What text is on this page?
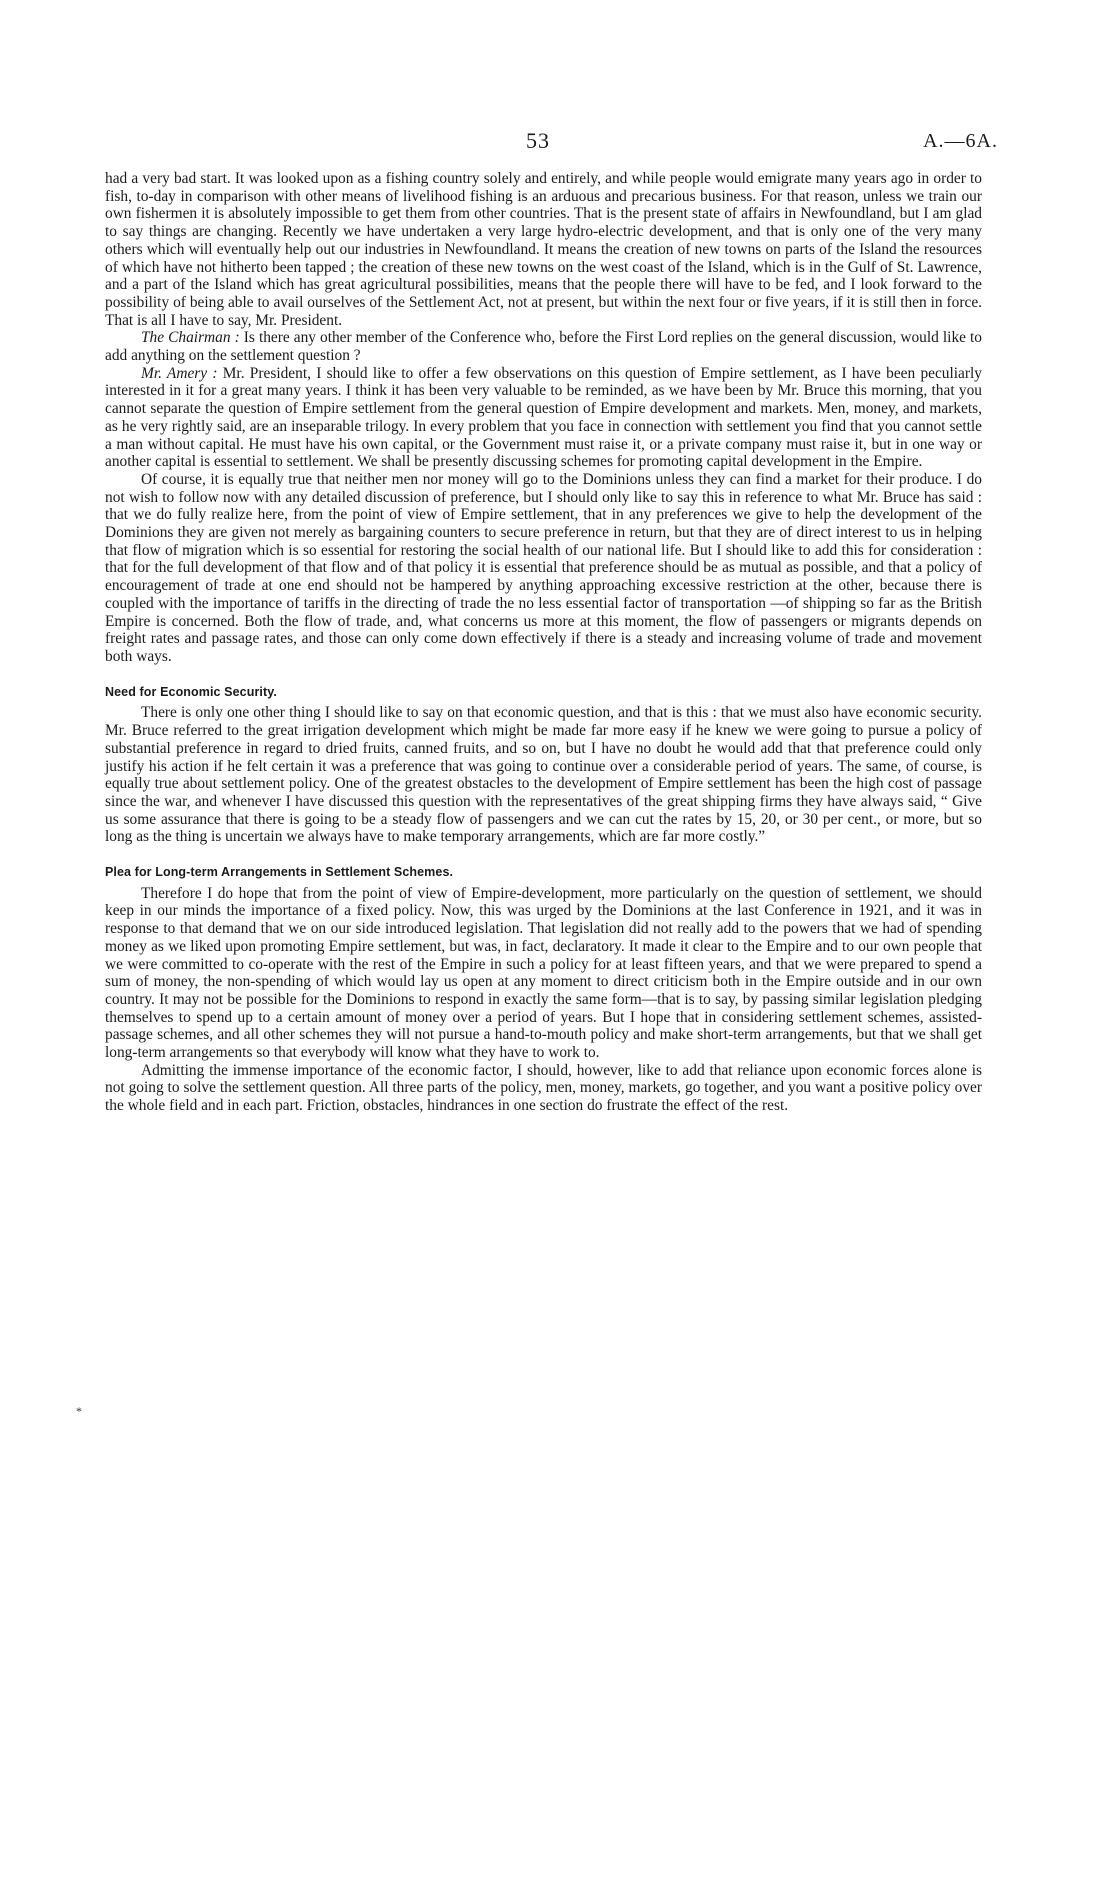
53	A.—6A.
*

had a very bad start. It was looked upon as a fishing country solely and entirely, and while people would emigrate many years ago in order to fish, to-day in comparison with other means of livelihood fishing is an arduous and precarious business. For that reason, unless we train our own fishermen it is absolutely impossible to get them from other countries. That is the present state of affairs in Newfoundland, but I am glad to say things are changing. Recently we have undertaken a very large hydro-electric development, and that is only one of the very many others which will eventually help out our industries in Newfoundland. It means the creation of new towns on parts of the Island the resources of which have not hitherto been tapped ; the creation of these new towns on the west coast of the Island, which is in the Gulf of St. Lawrence, and a part of the Island which has great agricultural possibilities, means that the people there will have to be fed, and I look forward to the possibility of being able to avail ourselves of the Settlement Act, not at present, but within the next four or five years, if it is still then in force. That is all I have to say, Mr. President.

The Chairman : Is there any other member of the Conference who, before the First Lord replies on the general discussion, would like to add anything on the settlement question ?

Mr. Amery : Mr. President, I should like to offer a few observations on this question of Empire settlement, as I have been peculiarly interested in it for a great many years. I think it has been very valuable to be reminded, as we have been by Mr. Bruce this morning, that you cannot separate the question of Empire settlement from the general question of Empire development and markets. Men, money, and markets, as he very rightly said, are an inseparable trilogy. In every problem that you face in connection with settlement you find that you cannot settle a man without capital. He must have his own capital, or the Government must raise it, or a private company must raise it, but in one way or another capital is essential to settlement. We shall be presently discussing schemes for promoting capital development in the Empire.

Of course, it is equally true that neither men nor money will go to the Dominions unless they can find a market for their produce. I do not wish to follow now with any detailed discussion of preference, but I should only like to say this in reference to what Mr. Bruce has said : that we do fully realize here, from the point of view of Empire settlement, that in any preferences we give to help the development of the Dominions they are given not merely as bargaining counters to secure preference in return, but that they are of direct interest to us in helping that flow of migration which is so essential for restoring the social health of our national life. But I should like to add this for consideration : that for the full development of that flow and of that policy it is essential that preference should be as mutual as possible, and that a policy of encouragement of trade at one end should not be hampered by anything approaching excessive restriction at the other, because there is coupled with the importance of tariffs in the directing of trade the no less essential factor of transportation —of shipping so far as the British Empire is concerned. Both the flow of trade, and, what concerns us more at this moment, the flow of passengers or migrants depends on freight rates and passage rates, and those can only come down effectively if there is a steady and increasing volume of trade and movement both ways.

Need for Economic Security.

There is only one other thing I should like to say on that economic question, and that is this : that we must also have economic security. Mr. Bruce referred to the great irrigation development which might be made far more easy if he knew we were going to pursue a policy of substantial preference in regard to dried fruits, canned fruits, and so on, but I have no doubt he would add that that preference could only justify his action if he felt certain it was a preference that was going to continue over a considerable period of years. The same, of course, is equally true about settlement policy. One of the greatest obstacles to the development of Empire settlement has been the high cost of passage since the war, and whenever I have discussed this question with the representatives of the great shipping firms they have always said, “ Give us some assurance that there is going to be a steady flow of passengers and we can cut the rates by 15, 20, or 30 per cent., or more, but so long as the thing is uncertain we always have to make temporary arrangements, which are far more costly.”

Plea for Long-term Arrangements in Settlement Schemes.

Therefore I do hope that from the point of view of Empire-development, more particularly on the question of settlement, we should keep in our minds the importance of a fixed policy. Now, this was urged by the Dominions at the last Conference in 1921, and it was in response to that demand that we on our side introduced legislation. That legislation did not really add to the powers that we had of spending money as we liked upon promoting Empire settlement, but was, in fact, declaratory. It made it clear to the Empire and to our own people that we were committed to co-operate with the rest of the Empire in such a policy for at least fifteen years, and that we were prepared to spend a sum of money, the non-spending of which would lay us open at any moment to direct criticism both in the Empire outside and in our own country. It may not be possible for the Dominions to respond in exactly the same form—that is to say, by passing similar legislation pledging themselves to spend up to a certain amount of money over a period of years. But I hope that in considering settlement schemes, assisted-passage schemes, and all other schemes they will not pursue a hand-to-mouth policy and make short-term arrangements, but that we shall get long-term arrangements so that everybody will know what they have to work to.

Admitting the immense importance of the economic factor, I should, however, like to add that reliance upon economic forces alone is not going to solve the settlement question. All three parts of the policy, men, money, markets, go together, and you want a positive policy over the whole field and in each part. Friction, obstacles, hindrances in one section do frustrate the effect of the rest.
